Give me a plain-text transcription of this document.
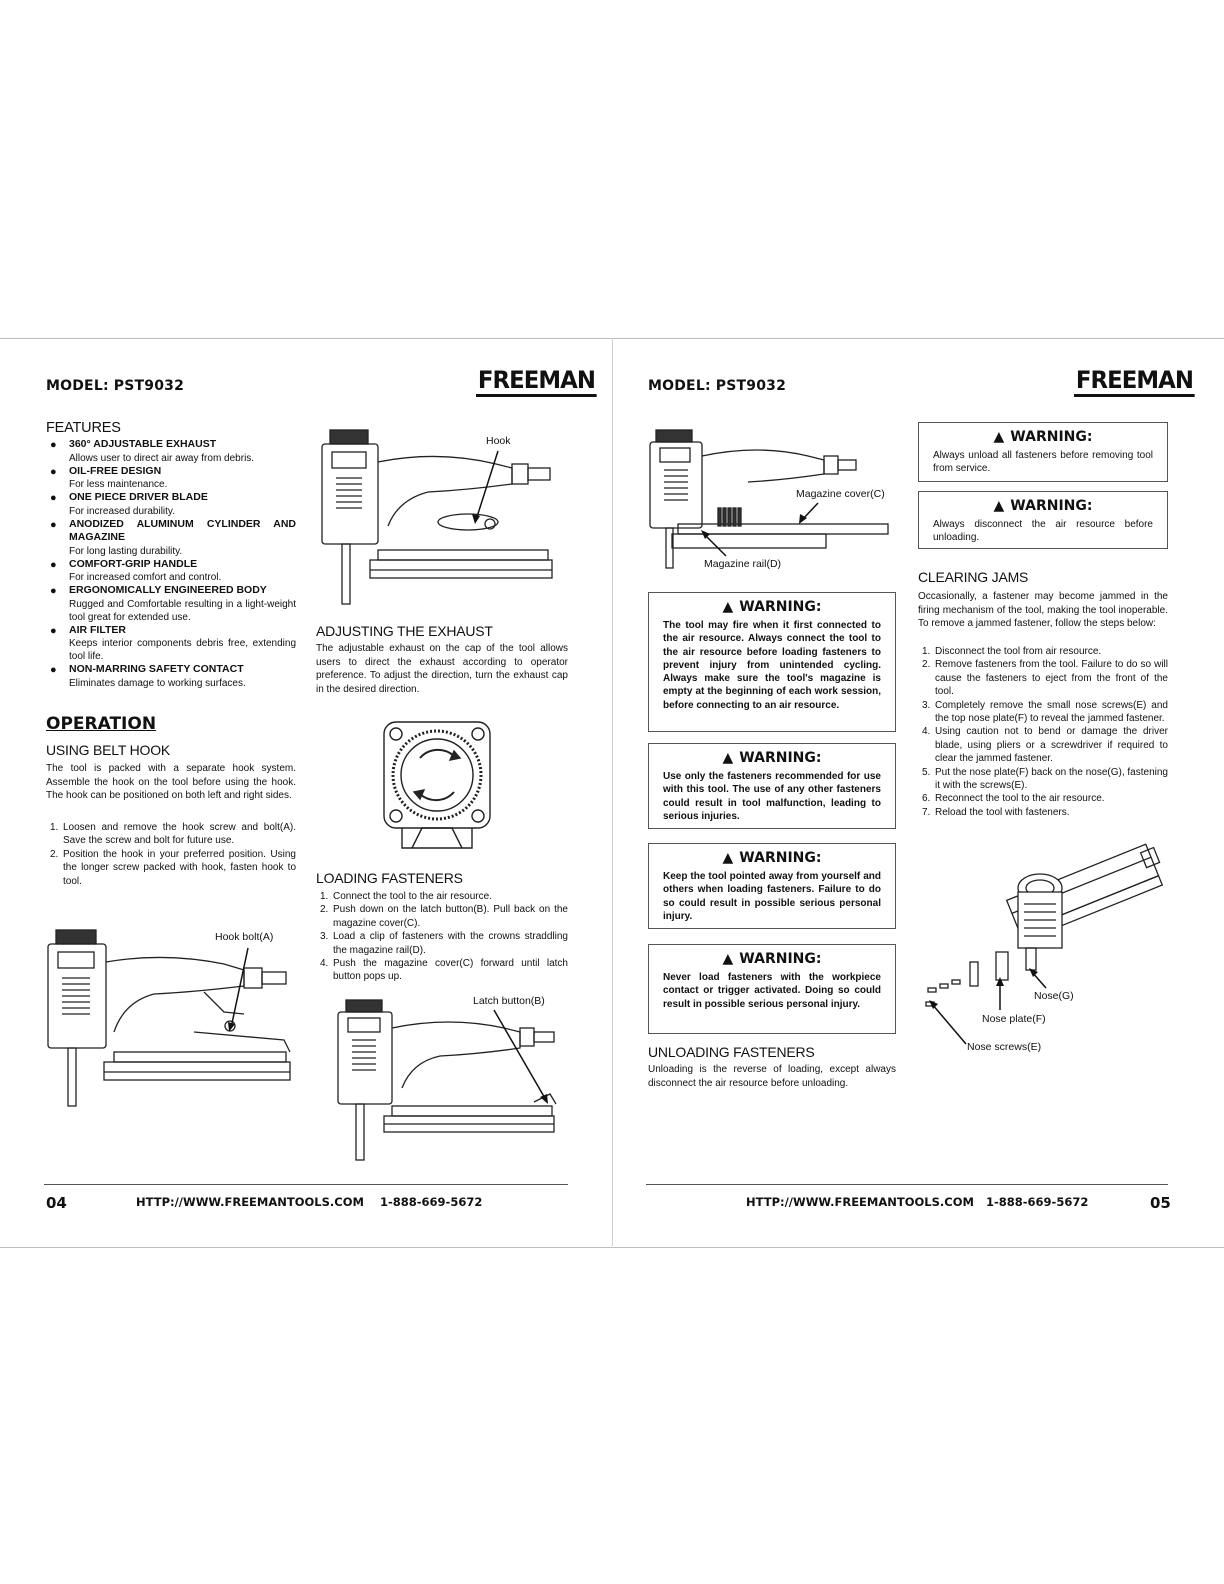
MODEL: PST9032	FREEMAN
FEATURES
● 360° ADJUSTABLE EXHAUST
Allows user to direct air away from debris.
● OIL-FREE DESIGN
For less maintenance.
● ONE PIECE DRIVER BLADE
For increased durability.
● ANODIZED ALUMINUM CYLINDER AND MAGAZINE
For long lasting durability.
● COMFORT-GRIP HANDLE
For increased comfort and control.
● ERGONOMICALLY ENGINEERED BODY
Rugged and Comfortable resulting in a light-weight tool great for extended use.
● AIR FILTER
Keeps interior components debris free, extending tool life.
● NON-MARRING SAFETY CONTACT
Eliminates damage to working surfaces.
OPERATION
USING BELT HOOK
The tool is packed with a separate hook system. Assemble the hook on the tool before using the hook. The hook can be positioned on both left and right sides.
1. Loosen and remove the hook screw and bolt(A). Save the screw and bolt for future use.
2. Position the hook in your preferred position. Using the longer screw packed with hook, fasten hook to tool.
Hook bolt(A)
Hook
ADJUSTING THE EXHAUST
The adjustable exhaust on the cap of the tool allows users to direct the exhaust according to operator preference. To adjust the direction, turn the exhaust cap in the desired direction.
LOADING FASTENERS
1. Connect the tool to the air resource.
2. Push down on the latch button(B). Pull back on the magazine cover(C).
3. Load a clip of fasteners with the crowns straddling the magazine rail(D).
4. Push the magazine cover(C) forward until latch button pops up.
Latch button(B)
04	HTTP://WWW.FREEMANTOOLS.COM 1-888-669-5672
MODEL: PST9032	FREEMAN
Magazine cover(C)
Magazine rail(D)
▲ WARNING:
The tool may fire when it first connected to the air resource. Always connect the tool to the air resource before loading fasteners to prevent injury from unintended cycling. Always make sure the tool's magazine is empty at the beginning of each work session, before connecting to an air resource.
▲ WARNING:
Use only the fasteners recommended for use with this tool. The use of any other fasteners could result in tool malfunction, leading to serious injuries.
▲ WARNING:
Keep the tool pointed away from yourself and others when loading fasteners. Failure to do so could result in possible serious personal injury.
▲ WARNING:
Never load fasteners with the workpiece contact or trigger activated. Doing so could result in possible serious personal injury.
UNLOADING FASTENERS
Unloading is the reverse of loading, except always disconnect the air resource before unloading.
▲ WARNING:
Always unload all fasteners before removing tool from service.
▲ WARNING:
Always disconnect the air resource before unloading.
CLEARING JAMS
Occasionally, a fastener may become jammed in the firing mechanism of the tool, making the tool inoperable. To remove a jammed fastener, follow the steps below:
1. Disconnect the tool from air resource.
2. Remove fasteners from the tool. Failure to do so will cause the fasteners to eject from the front of the tool.
3. Completely remove the small nose screws(E) and the top nose plate(F) to reveal the jammed fastener.
4. Using caution not to bend or damage the driver blade, using pliers or a screwdriver if required to clear the jammed fastener.
5. Put the nose plate(F) back on the nose(G), fastening it with the screws(E).
6. Reconnect the tool to the air resource.
7. Reload the tool with fasteners.
Nose(G)
Nose plate(F)
Nose screws(E)
HTTP://WWW.FREEMANTOOLS.COM 1-888-669-5672	05
